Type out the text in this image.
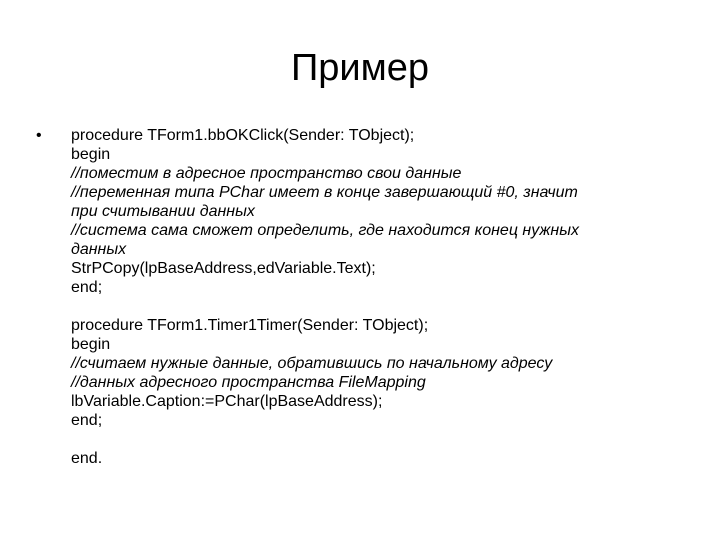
Пример
• procedure TForm1.bbOKClick(Sender: TObject);
begin
//поместим в адресное пространство свои данные
//переменная типа PChar имеет в конце завершающий #0, значит
при считывании данных
//система сама сможет определить, где находится конец нужных
данных
StrPCopy(lpBaseAddress,edVariable.Text);
end;
procedure TForm1.Timer1Timer(Sender: TObject);
begin
//считаем нужные данные, обратившись по начальному адресу
//данных адресного пространства FileMapping
lbVariable.Caption:=PChar(lpBaseAddress);
end;
end.
